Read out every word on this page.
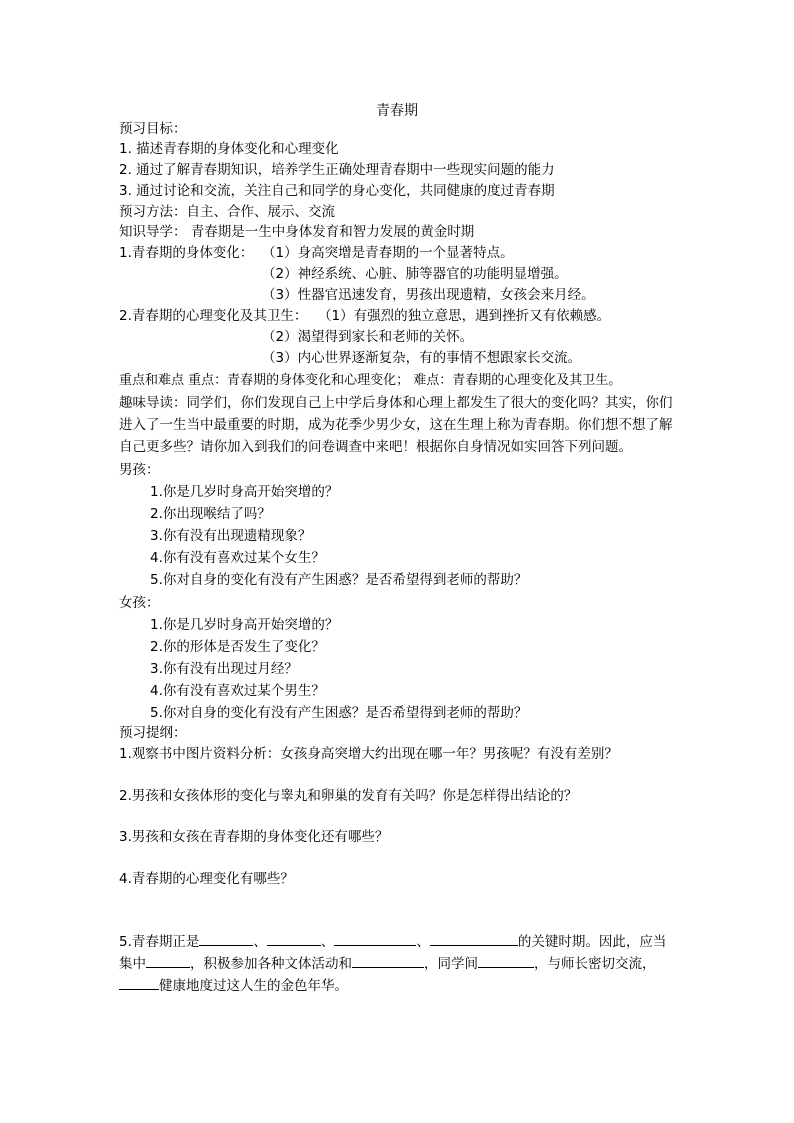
青春期
预习目标：
1. 描述青春期的身体变化和心理变化
2. 通过了解青春期知识，培养学生正确处理青春期中一些现实问题的能力
3. 通过讨论和交流，关注自己和同学的身心变化，共同健康的度过青春期
预习方法：自主、合作、展示、交流
知识导学： 青春期是一生中身体发育和智力发展的黄金时期
1.青春期的身体变化： （1）身高突增是青春期的一个显著特点。
（2）神经系统、心脏、肺等器官的功能明显增强。
（3）性器官迅速发育，男孩出现遗精，女孩会来月经。
2.青春期的心理变化及其卫生： （1）有强烈的独立意思，遇到挫折又有依赖感。
（2）渴望得到家长和老师的关怀。
（3）内心世界逐渐复杂，有的事情不想跟家长交流。
重点和难点 重点：青春期的身体变化和心理变化； 难点：青春期的心理变化及其卫生。
趣味导读：同学们，你们发现自己上中学后身体和心理上都发生了很大的变化吗？其实，你们进入了一生当中最重要的时期，成为花季少男少女，这在生理上称为青春期。你们想不想了解自己更多些？请你加入到我们的问卷调查中来吧！根据你自身情况如实回答下列问题。
男孩：
1.你是几岁时身高开始突增的？
2.你出现喉结了吗？
3.你有没有出现遗精现象？
4.你有没有喜欢过某个女生？
5.你对自身的变化有没有产生困惑？是否希望得到老师的帮助？
女孩：
1.你是几岁时身高开始突增的？
2.你的形体是否发生了变化？
3.你有没有出现过月经？
4.你有没有喜欢过某个男生？
5.你对自身的变化有没有产生困惑？是否希望得到老师的帮助？
预习提纲：
1.观察书中图片资料分析：女孩身高突增大约出现在哪一年？男孩呢？有没有差别？
2.男孩和女孩体形的变化与睾丸和卵巢的发育有关吗？你是怎样得出结论的？
3.男孩和女孩在青春期的身体变化还有哪些？
4.青春期的心理变化有哪些？
5.青春期正是	、	、	、	的关键时期。因此，应当集中	，积极参加各种文体活动和	，同学间	，与师长密切交流，健康地度过这人生的金色年华。
